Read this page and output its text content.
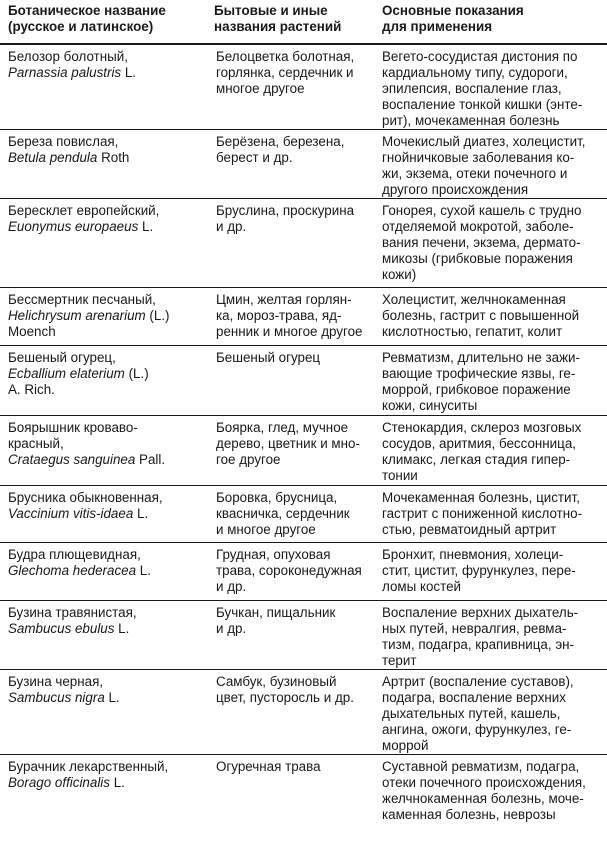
Ботаническое название
(русское и латинское)	Бытовые и иные
названия растений	Основные показания
для применения

Белозор болотный,
Parnassia palustris L.	Белоцветка болотная,
горлянка, сердечник и
многое другое	Вегето-сосудистая дистония по
кардиальному типу, судороги,
эпилепсия, воспаление глаз,
воспаление тонкой кишки (энте-
рит), мочекаменная болезнь

Береза повислая,
Betula pendula Roth	Берёзена, березена,
берест и др.	Мочекислый диатез, холецистит,
гнойничковые заболевания ко-
жи, экзема, отеки почечного и
другого происхождения

Бересклет европейский,
Euonymus europaeus L.	Бруслина, проскурина
и др.	Гонорея, сухой кашель с трудно
отделяемой мокротой, заболе-
вания печени, экзема, дермато-
микозы (грибковые поражения
кожи)

Бессмертник песчаный,
Helichrysum arenarium (L.)
Moench	Цмин, желтая горлян-
ка, мороз-трава, яд-
ренник и многое другое	Холецистит, желчнокаменная
болезнь, гастрит с повышенной
кислотностью, гепатит, колит

Бешеный огурец,
Ecballium elaterium (L.)
A. Rich.	Бешеный огурец	Ревматизм, длительно не зажи-
вающие трофические язвы, ге-
моррой, грибковое поражение
кожи, синуситы

Боярышник кроваво-
красный,
Crataegus sanguinea Pall.	Боярка, глед, мучное
дерево, цветник и мно-
гое другое	Стенокардия, склероз мозговых
сосудов, аритмия, бессонница,
климакс, легкая стадия гипер-
тонии

Брусника обыкновенная,
Vaccinium vitis-idaea L.	Боровка, брусница,
квасничка, сердечник
и многое другое	Мочекаменная болезнь, цистит,
гастрит с пониженной кислотно-
стью, ревматоидный артрит

Будра плющевидная,
Glechoma hederacea L.	Грудная, опуховая
трава, сороконедужная
и др.	Бронхит, пневмония, холеци-
стит, цистит, фурункулез, пере-
ломы костей

Бузина травянистая,
Sambucus ebulus L.	Бучкан, пищальник
и др.	Воспаление верхних дыхатель-
ных путей, невралгия, ревма-
тизм, подагра, крапивница, эн-
терит

Бузина черная,
Sambucus nigra L.	Самбук, бузиновый
цвет, пусторосль и др.	Артрит (воспаление суставов),
подагра, воспаление верхних
дыхательных путей, кашель,
ангина, ожоги, фурункулез, ге-
моррой

Бурачник лекарственный,
Borago officinalis L.	Огуречная трава	Суставной ревматизм, подагра,
отеки почечного происхождения,
желчнокаменная болезнь, моче-
каменная болезнь, неврозы
